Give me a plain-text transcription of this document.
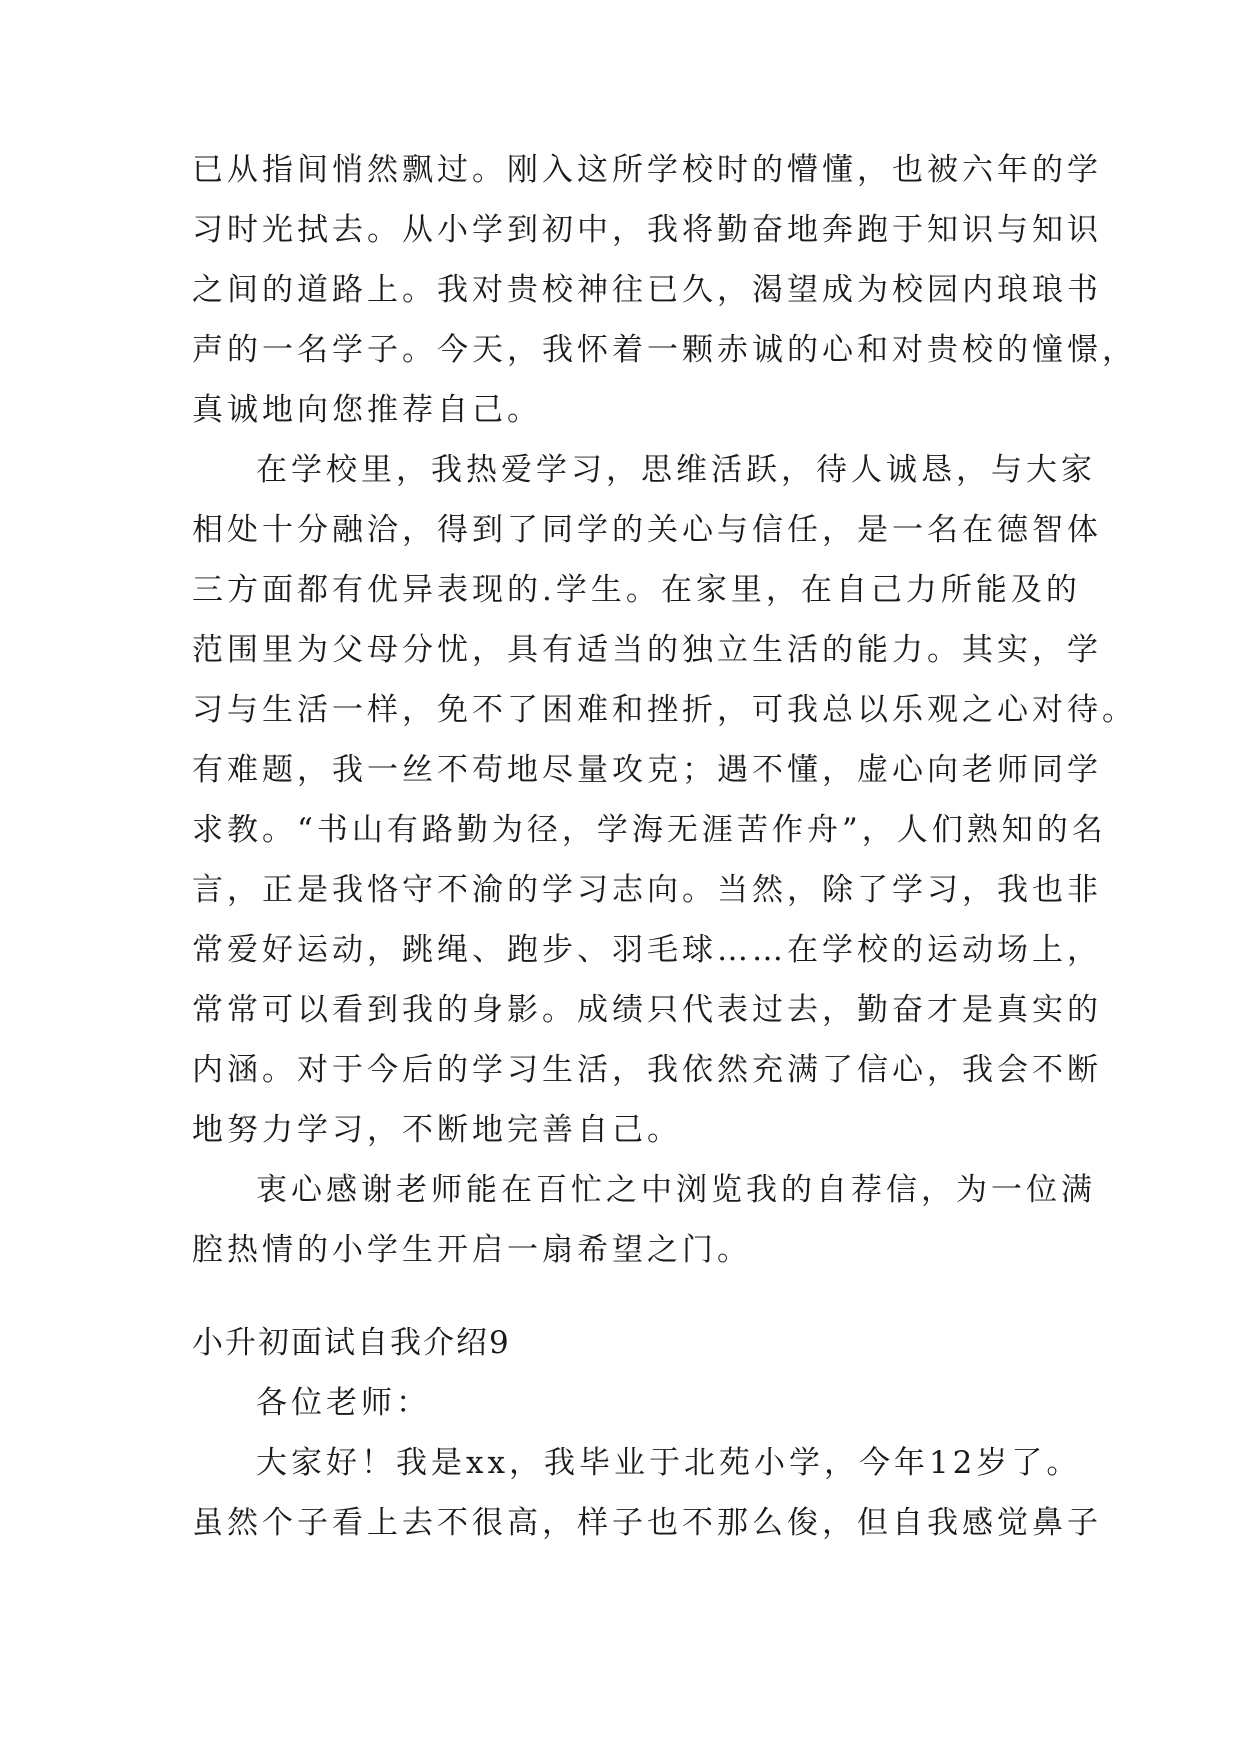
已从指间悄然飘过。刚入这所学校时的懵懂，也被六年的学
习时光拭去。从小学到初中，我将勤奋地奔跑于知识与知识
之间的道路上。我对贵校神往已久，渴望成为校园内琅琅书
声的一名学子。今天，我怀着一颗赤诚的心和对贵校的憧憬，
真诚地向您推荐自己。
在学校里，我热爱学习，思维活跃，待人诚恳，与大家
相处十分融洽，得到了同学的关心与信任，是一名在德智体
三方面都有优异表现的.学生。在家里，在自己力所能及的
范围里为父母分忧，具有适当的独立生活的能力。其实，学
习与生活一样，免不了困难和挫折，可我总以乐观之心对待。
有难题，我一丝不苟地尽量攻克；遇不懂，虚心向老师同学
求教。“书山有路勤为径，学海无涯苦作舟”，人们熟知的名
言，正是我恪守不渝的学习志向。当然，除了学习，我也非
常爱好运动，跳绳、跑步、羽毛球……在学校的运动场上，
常常可以看到我的身影。成绩只代表过去，勤奋才是真实的
内涵。对于今后的学习生活，我依然充满了信心，我会不断
地努力学习，不断地完善自己。
衷心感谢老师能在百忙之中浏览我的自荐信，为一位满
腔热情的小学生开启一扇希望之门。
小升初面试自我介绍9
各位老师：
大家好！我是xx，我毕业于北苑小学，今年12岁了。
虽然个子看上去不很高，样子也不那么俊，但自我感觉鼻子
